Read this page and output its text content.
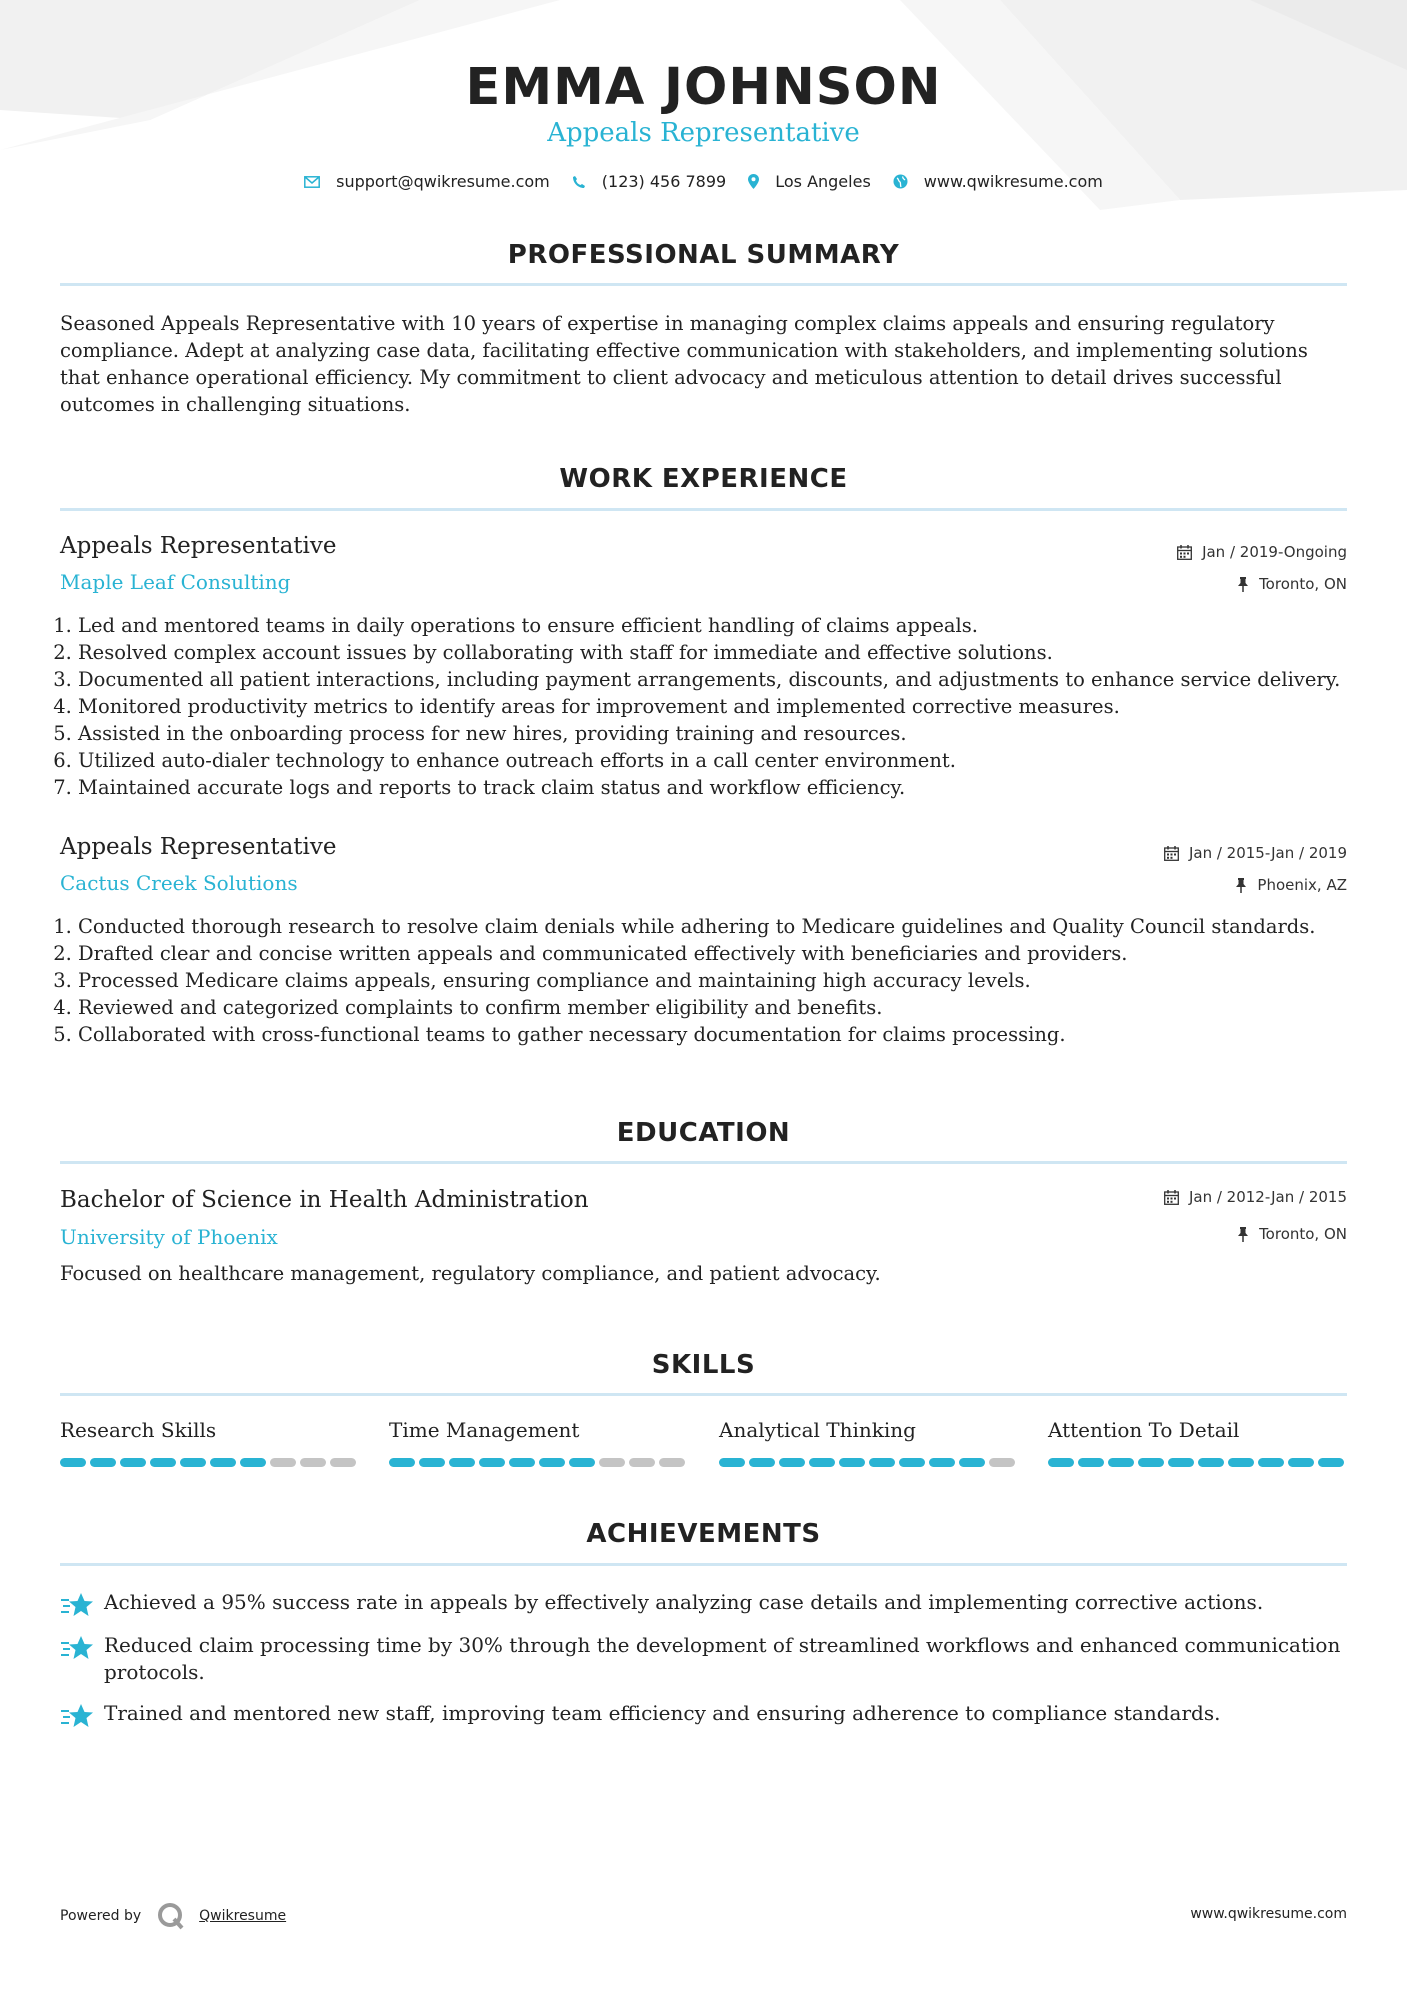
EMMA JOHNSON
Appeals Representative
support@qwikresume.com	(123) 456 7899	Los Angeles	www.qwikresume.com
PROFESSIONAL SUMMARY
Seasoned Appeals Representative with 10 years of expertise in managing complex claims appeals and ensuring regulatory compliance. Adept at analyzing case data, facilitating effective communication with stakeholders, and implementing solutions that enhance operational efficiency. My commitment to client advocacy and meticulous attention to detail drives successful outcomes in challenging situations.
WORK EXPERIENCE
Appeals Representative
Maple Leaf Consulting
Jan / 2019-Ongoing
Toronto, ON
1. Led and mentored teams in daily operations to ensure efficient handling of claims appeals.
2. Resolved complex account issues by collaborating with staff for immediate and effective solutions.
3. Documented all patient interactions, including payment arrangements, discounts, and adjustments to enhance service delivery.
4. Monitored productivity metrics to identify areas for improvement and implemented corrective measures.
5. Assisted in the onboarding process for new hires, providing training and resources.
6. Utilized auto-dialer technology to enhance outreach efforts in a call center environment.
7. Maintained accurate logs and reports to track claim status and workflow efficiency.
Appeals Representative
Cactus Creek Solutions
Jan / 2015-Jan / 2019
Phoenix, AZ
1. Conducted thorough research to resolve claim denials while adhering to Medicare guidelines and Quality Council standards.
2. Drafted clear and concise written appeals and communicated effectively with beneficiaries and providers.
3. Processed Medicare claims appeals, ensuring compliance and maintaining high accuracy levels.
4. Reviewed and categorized complaints to confirm member eligibility and benefits.
5. Collaborated with cross-functional teams to gather necessary documentation for claims processing.
EDUCATION
Bachelor of Science in Health Administration
University of Phoenix
Jan / 2012-Jan / 2015
Toronto, ON
Focused on healthcare management, regulatory compliance, and patient advocacy.
SKILLS
Research Skills	Time Management	Analytical Thinking	Attention To Detail
ACHIEVEMENTS
Achieved a 95% success rate in appeals by effectively analyzing case details and implementing corrective actions.
Reduced claim processing time by 30% through the development of streamlined workflows and enhanced communication protocols.
Trained and mentored new staff, improving team efficiency and ensuring adherence to compliance standards.
Powered by	Qwikresume	www.qwikresume.com
